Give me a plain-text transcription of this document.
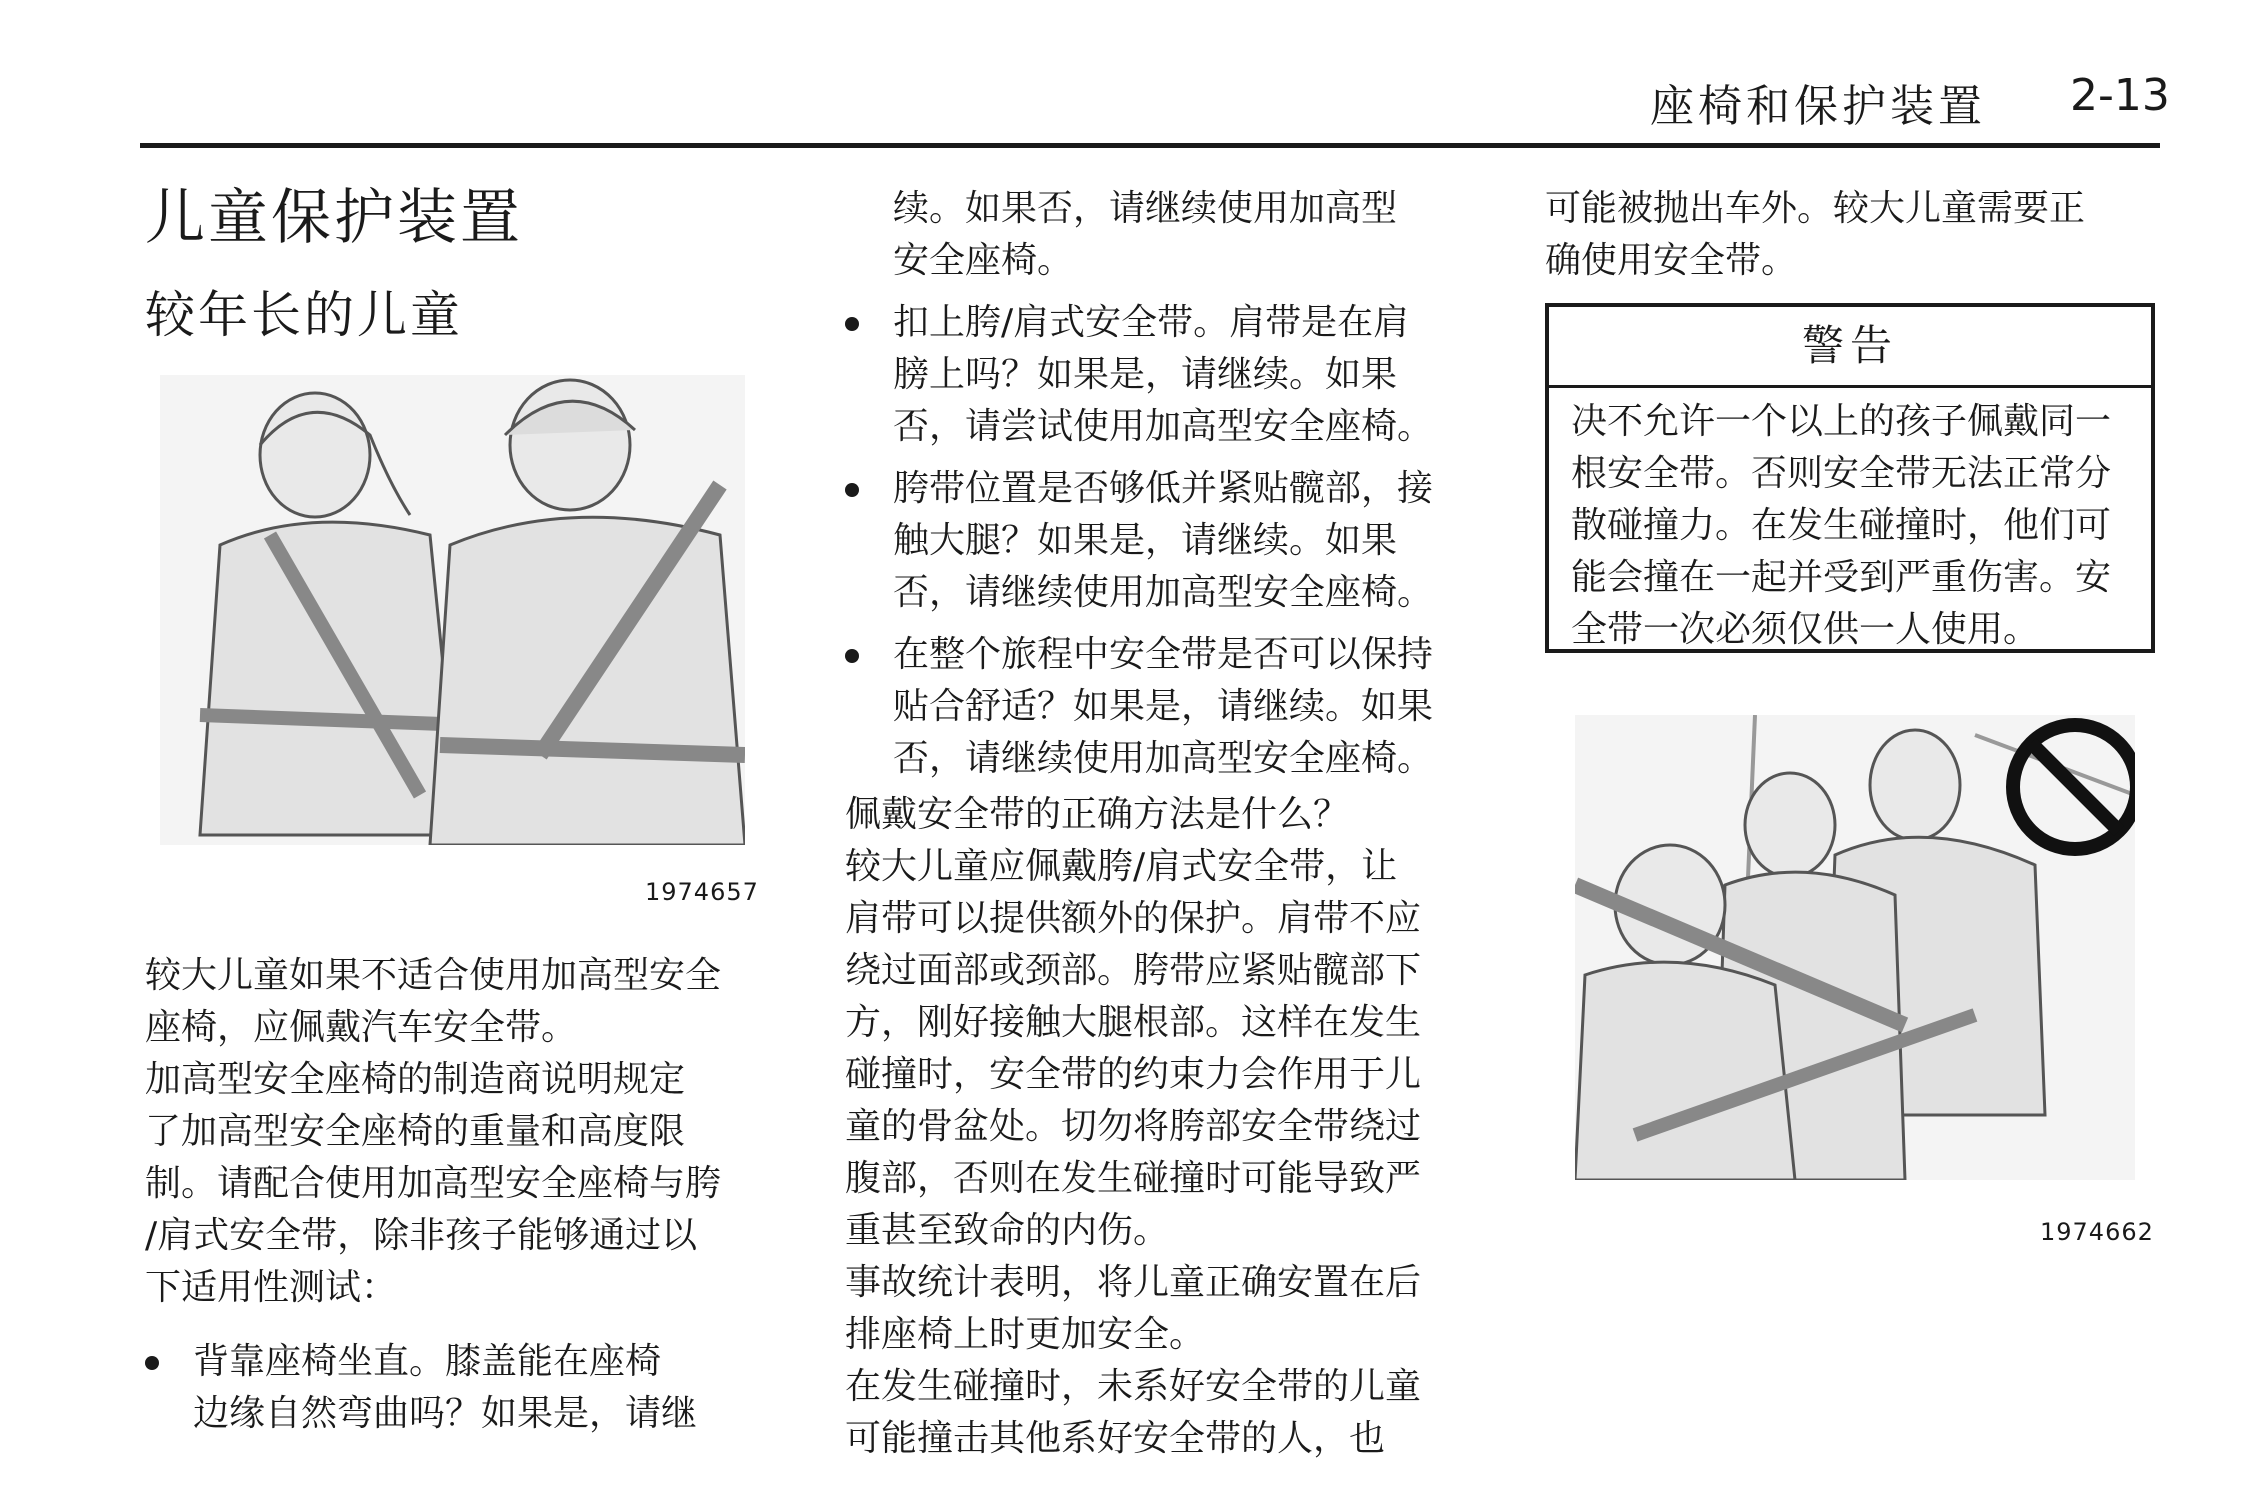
座椅和保护装置 2-13
儿童保护装置
较年长的儿童
1974657

较大儿童如果不适合使用加高型安全
座椅，应佩戴汽车安全带。

加高型安全座椅的制造商说明规定
了加高型安全座椅的重量和高度限
制。请配合使用加高型安全座椅与胯
/肩式安全带，除非孩子能够通过以
下适用性测试：

背靠座椅坐直。膝盖能在座椅
边缘自然弯曲吗？如果是，请继
续。如果否，请继续使用加高型
安全座椅。
扣上胯/肩式安全带。肩带是在肩
膀上吗？如果是，请继续。如果
否，请尝试使用加高型安全座椅。
胯带位置是否够低并紧贴髋部，接
触大腿？如果是，请继续。如果
否，请继续使用加高型安全座椅。
在整个旅程中安全带是否可以保持
贴合舒适？如果是，请继续。如果
否，请继续使用加高型安全座椅。

佩戴安全带的正确方法是什么？

较大儿童应佩戴胯/肩式安全带，让
肩带可以提供额外的保护。肩带不应
绕过面部或颈部。胯带应紧贴髋部下
方，刚好接触大腿根部。这样在发生
碰撞时，安全带的约束力会作用于儿
童的骨盆处。切勿将胯部安全带绕过
腹部，否则在发生碰撞时可能导致严
重甚至致命的内伤。

事故统计表明，将儿童正确安置在后
排座椅上时更加安全。

在发生碰撞时，未系好安全带的儿童
可能撞击其他系好安全带的人，也

可能被抛出车外。较大儿童需要正
确使用安全带。

警告
决不允许一个以上的孩子佩戴同一
根安全带。否则安全带无法正常分
散碰撞力。在发生碰撞时，他们可
能会撞在一起并受到严重伤害。安
全带一次必须仅供一人使用。
1974662
